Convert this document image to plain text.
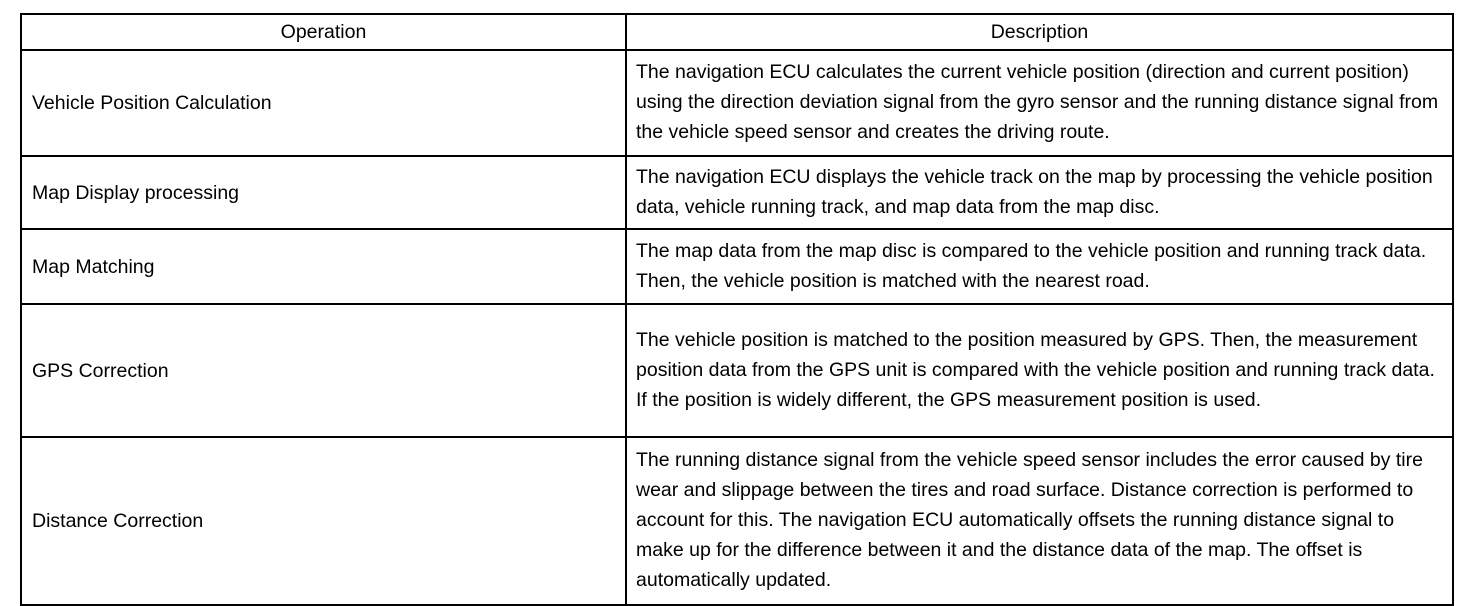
Operation	Description
Vehicle Position Calculation	The navigation ECU calculates the current vehicle position (direction and current position) using the direction deviation signal from the gyro sensor and the running distance signal from the vehicle speed sensor and creates the driving route.
Map Display processing	The navigation ECU displays the vehicle track on the map by processing the vehicle position data, vehicle running track, and map data from the map disc.
Map Matching	The map data from the map disc is compared to the vehicle position and running track data. Then, the vehicle position is matched with the nearest road.
GPS Correction	The vehicle position is matched to the position measured by GPS. Then, the measurement position data from the GPS unit is compared with the vehicle position and running track data. If the position is widely different, the GPS measurement position is used.
Distance Correction	The running distance signal from the vehicle speed sensor includes the error caused by tire wear and slippage between the tires and road surface. Distance correction is performed to account for this. The navigation ECU automatically offsets the running distance signal to make up for the difference between it and the distance data of the map. The offset is automatically updated.
